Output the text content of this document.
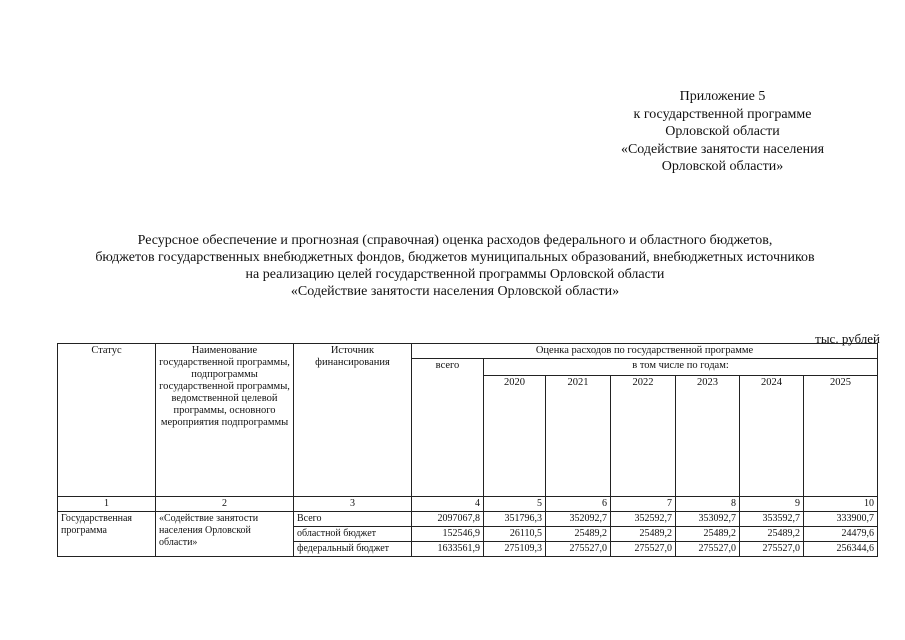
Приложение 5
к государственной программе
Орловской области
«Содействие занятости населения
Орловской области»
Ресурсное обеспечение и прогнозная (справочная) оценка расходов федерального и областного бюджетов,
бюджетов государственных внебюджетных фондов, бюджетов муниципальных образований, внебюджетных источников
на реализацию целей государственной программы Орловской области
«Содействие занятости населения Орловской области»
тыс. рублей
Статус	Наименование государственной программы, подпрограммы государственной программы, ведомственной целевой программы, основного мероприятия подпрограммы	Источник финансирования	Оценка расходов по государственной программе						
			всего	в том числе по годам:					
				2020	2021	2022	2023	2024	2025
1	2	3	4	5	6	7	8	9	10
Государственная программа	«Содействие занятости населения Орловской области»	Всего	2097067,8	351796,3	352092,7	352592,7	353092,7	353592,7	333900,7
		областной бюджет	152546,9	26110,5	25489,2	25489,2	25489,2	25489,2	24479,6
		федеральный бюджет	1633561,9	275109,3	275527,0	275527,0	275527,0	275527,0	256344,6
